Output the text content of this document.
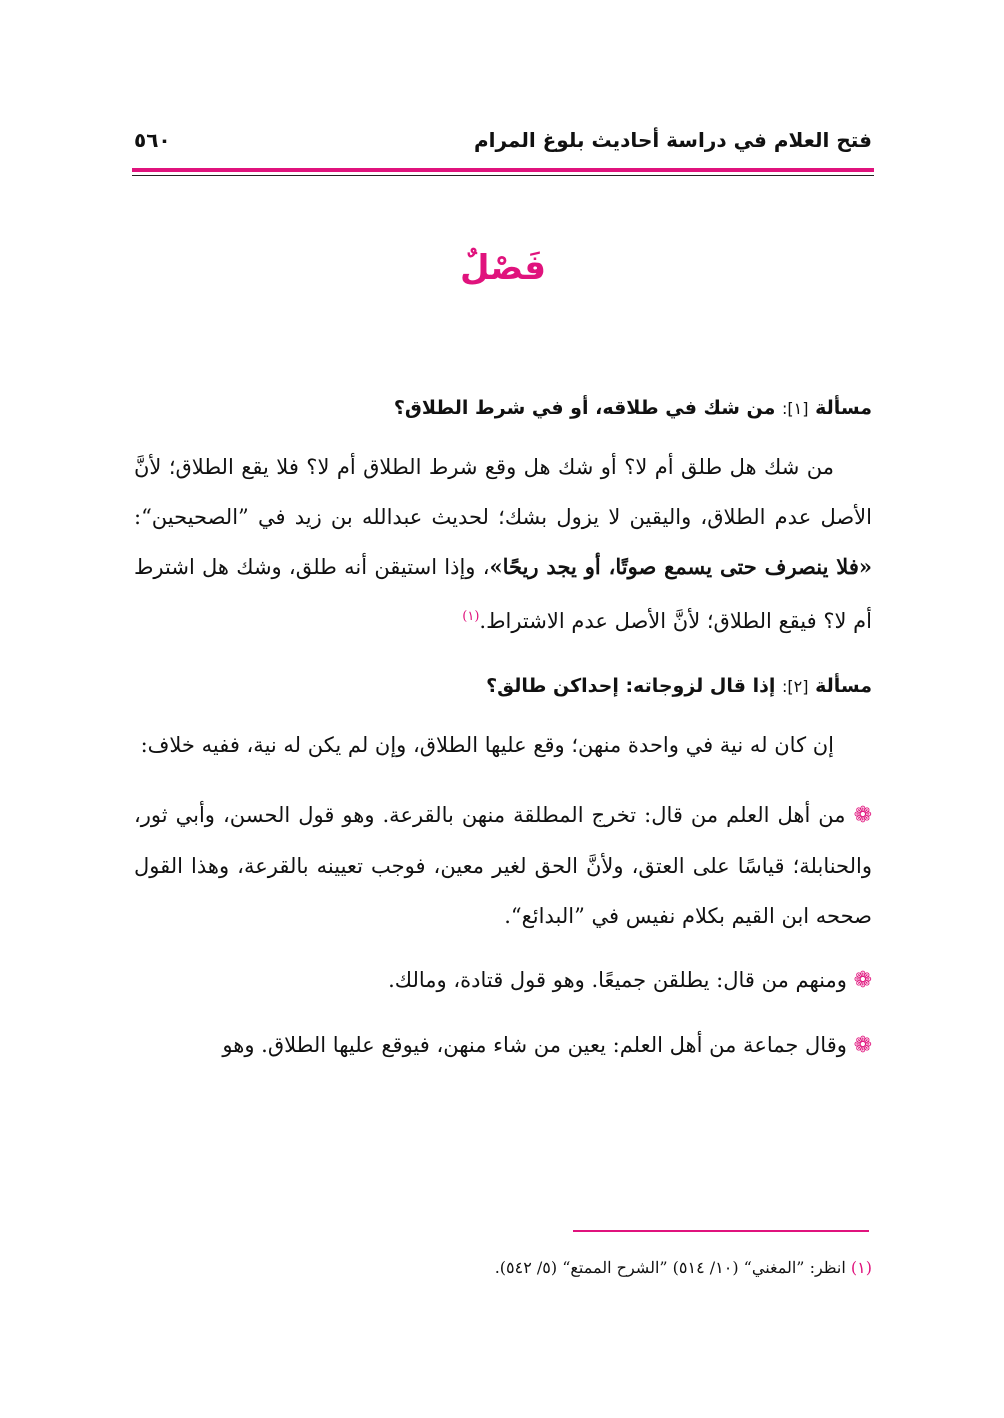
فتح العلام في دراسة أحاديث بلوغ المرام
٥٦٠
فَصْلٌ
مسألة [١]: من شك في طلاقه، أو في شرط الطلاق؟
من شك هل طلق أم لا؟ أو شك هل وقع شرط الطلاق أم لا؟ فلا يقع الطلاق؛ لأنَّ الأصل عدم الطلاق، واليقين لا يزول بشك؛ لحديث عبدالله بن زيد في ”الصحيحين“: «فلا ينصرف حتى يسمع صوتًا، أو يجد ريحًا»، وإذا استيقن أنه طلق، وشك هل اشترط أم لا؟ فيقع الطلاق؛ لأنَّ الأصل عدم الاشتراط.$^{(١)}$
مسألة [٢]: إذا قال لزوجاته: إحداكن طالق؟
إن كان له نية في واحدة منهن؛ وقع عليها الطلاق، وإن لم يكن له نية، ففيه خلاف:
❁ من أهل العلم من قال: تخرج المطلقة منهن بالقرعة. وهو قول الحسن، وأبي ثور، والحنابلة؛ قياسًا على العتق، ولأنَّ الحق لغير معين، فوجب تعيينه بالقرعة، وهذا القول صححه ابن القيم بكلام نفيس في ”البدائع“.
❁ ومنهم من قال: يطلقن جميعًا. وهو قول قتادة، ومالك.
❁ وقال جماعة من أهل العلم: يعين من شاء منهن، فيوقع عليها الطلاق. وهو
(١) انظر: ”المغني“ (١٠/ ٥١٤) ”الشرح الممتع“ (٥/ ٥٤٢).
